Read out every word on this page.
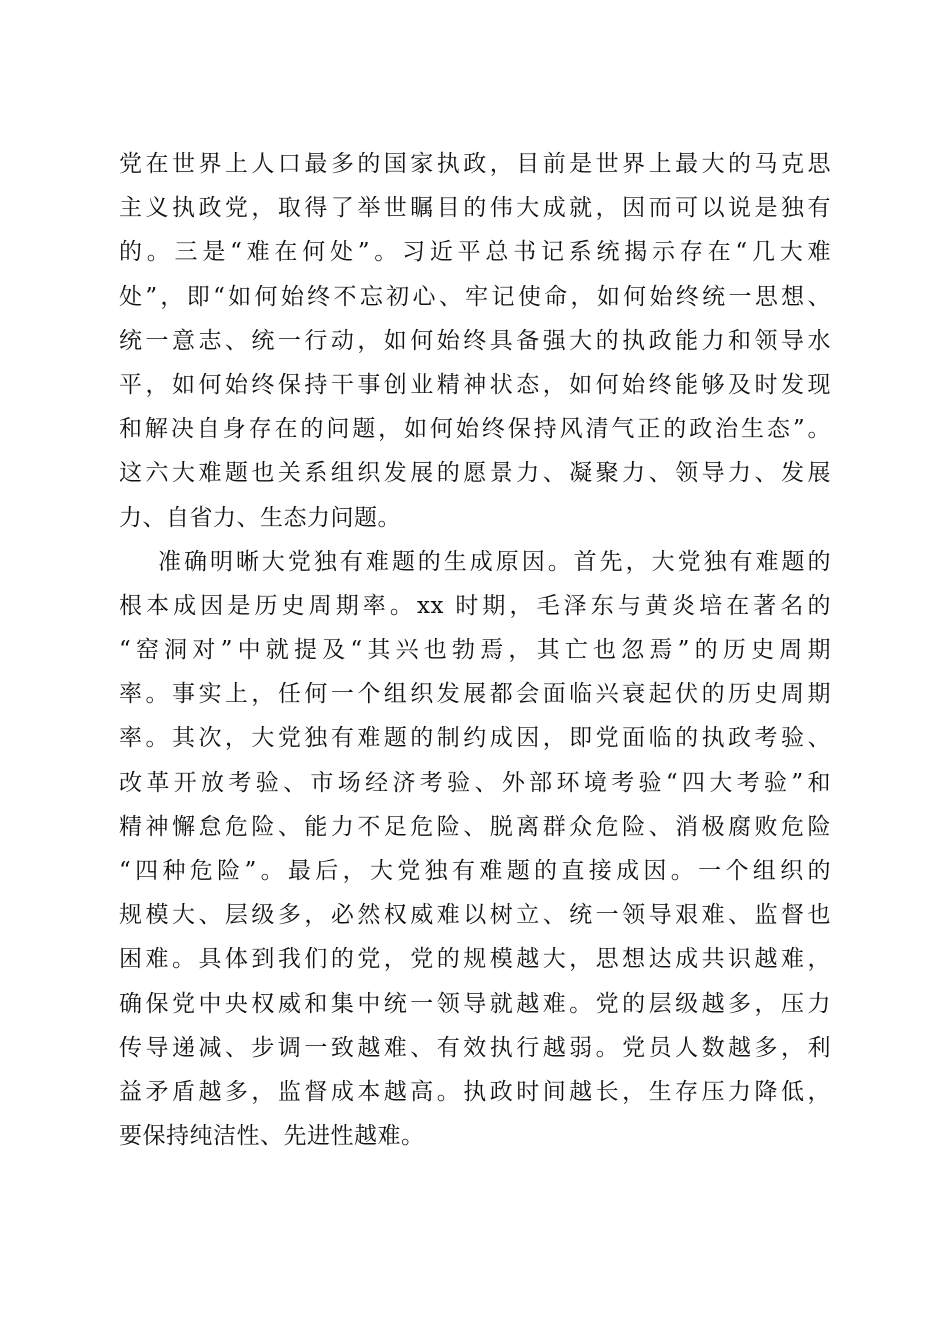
党在世界上人口最多的国家执政，目前是世界上最大的马克思
主义执政党，取得了举世瞩目的伟大成就，因而可以说是独有
的。三是“难在何处”。习近平总书记系统揭示存在“几大难
处”，即“如何始终不忘初心、牢记使命，如何始终统一思想、
统一意志、统一行动，如何始终具备强大的执政能力和领导水
平，如何始终保持干事创业精神状态，如何始终能够及时发现
和解决自身存在的问题，如何始终保持风清气正的政治生态”。
这六大难题也关系组织发展的愿景力、凝聚力、领导力、发展
力、自省力、生态力问题。
准确明晰大党独有难题的生成原因。首先，大党独有难题的
根本成因是历史周期率。xx 时期，毛泽东与黄炎培在著名的
“窑洞对”中就提及“其兴也勃焉，其亡也忽焉”的历史周期
率。事实上，任何一个组织发展都会面临兴衰起伏的历史周期
率。其次，大党独有难题的制约成因，即党面临的执政考验、
改革开放考验、市场经济考验、外部环境考验“四大考验”和
精神懈怠危险、能力不足危险、脱离群众危险、消极腐败危险
“四种危险”。最后，大党独有难题的直接成因。一个组织的
规模大、层级多，必然权威难以树立、统一领导艰难、监督也
困难。具体到我们的党，党的规模越大，思想达成共识越难，
确保党中央权威和集中统一领导就越难。党的层级越多，压力
传导递减、步调一致越难、有效执行越弱。党员人数越多，利
益矛盾越多，监督成本越高。执政时间越长，生存压力降低，
要保持纯洁性、先进性越难。
